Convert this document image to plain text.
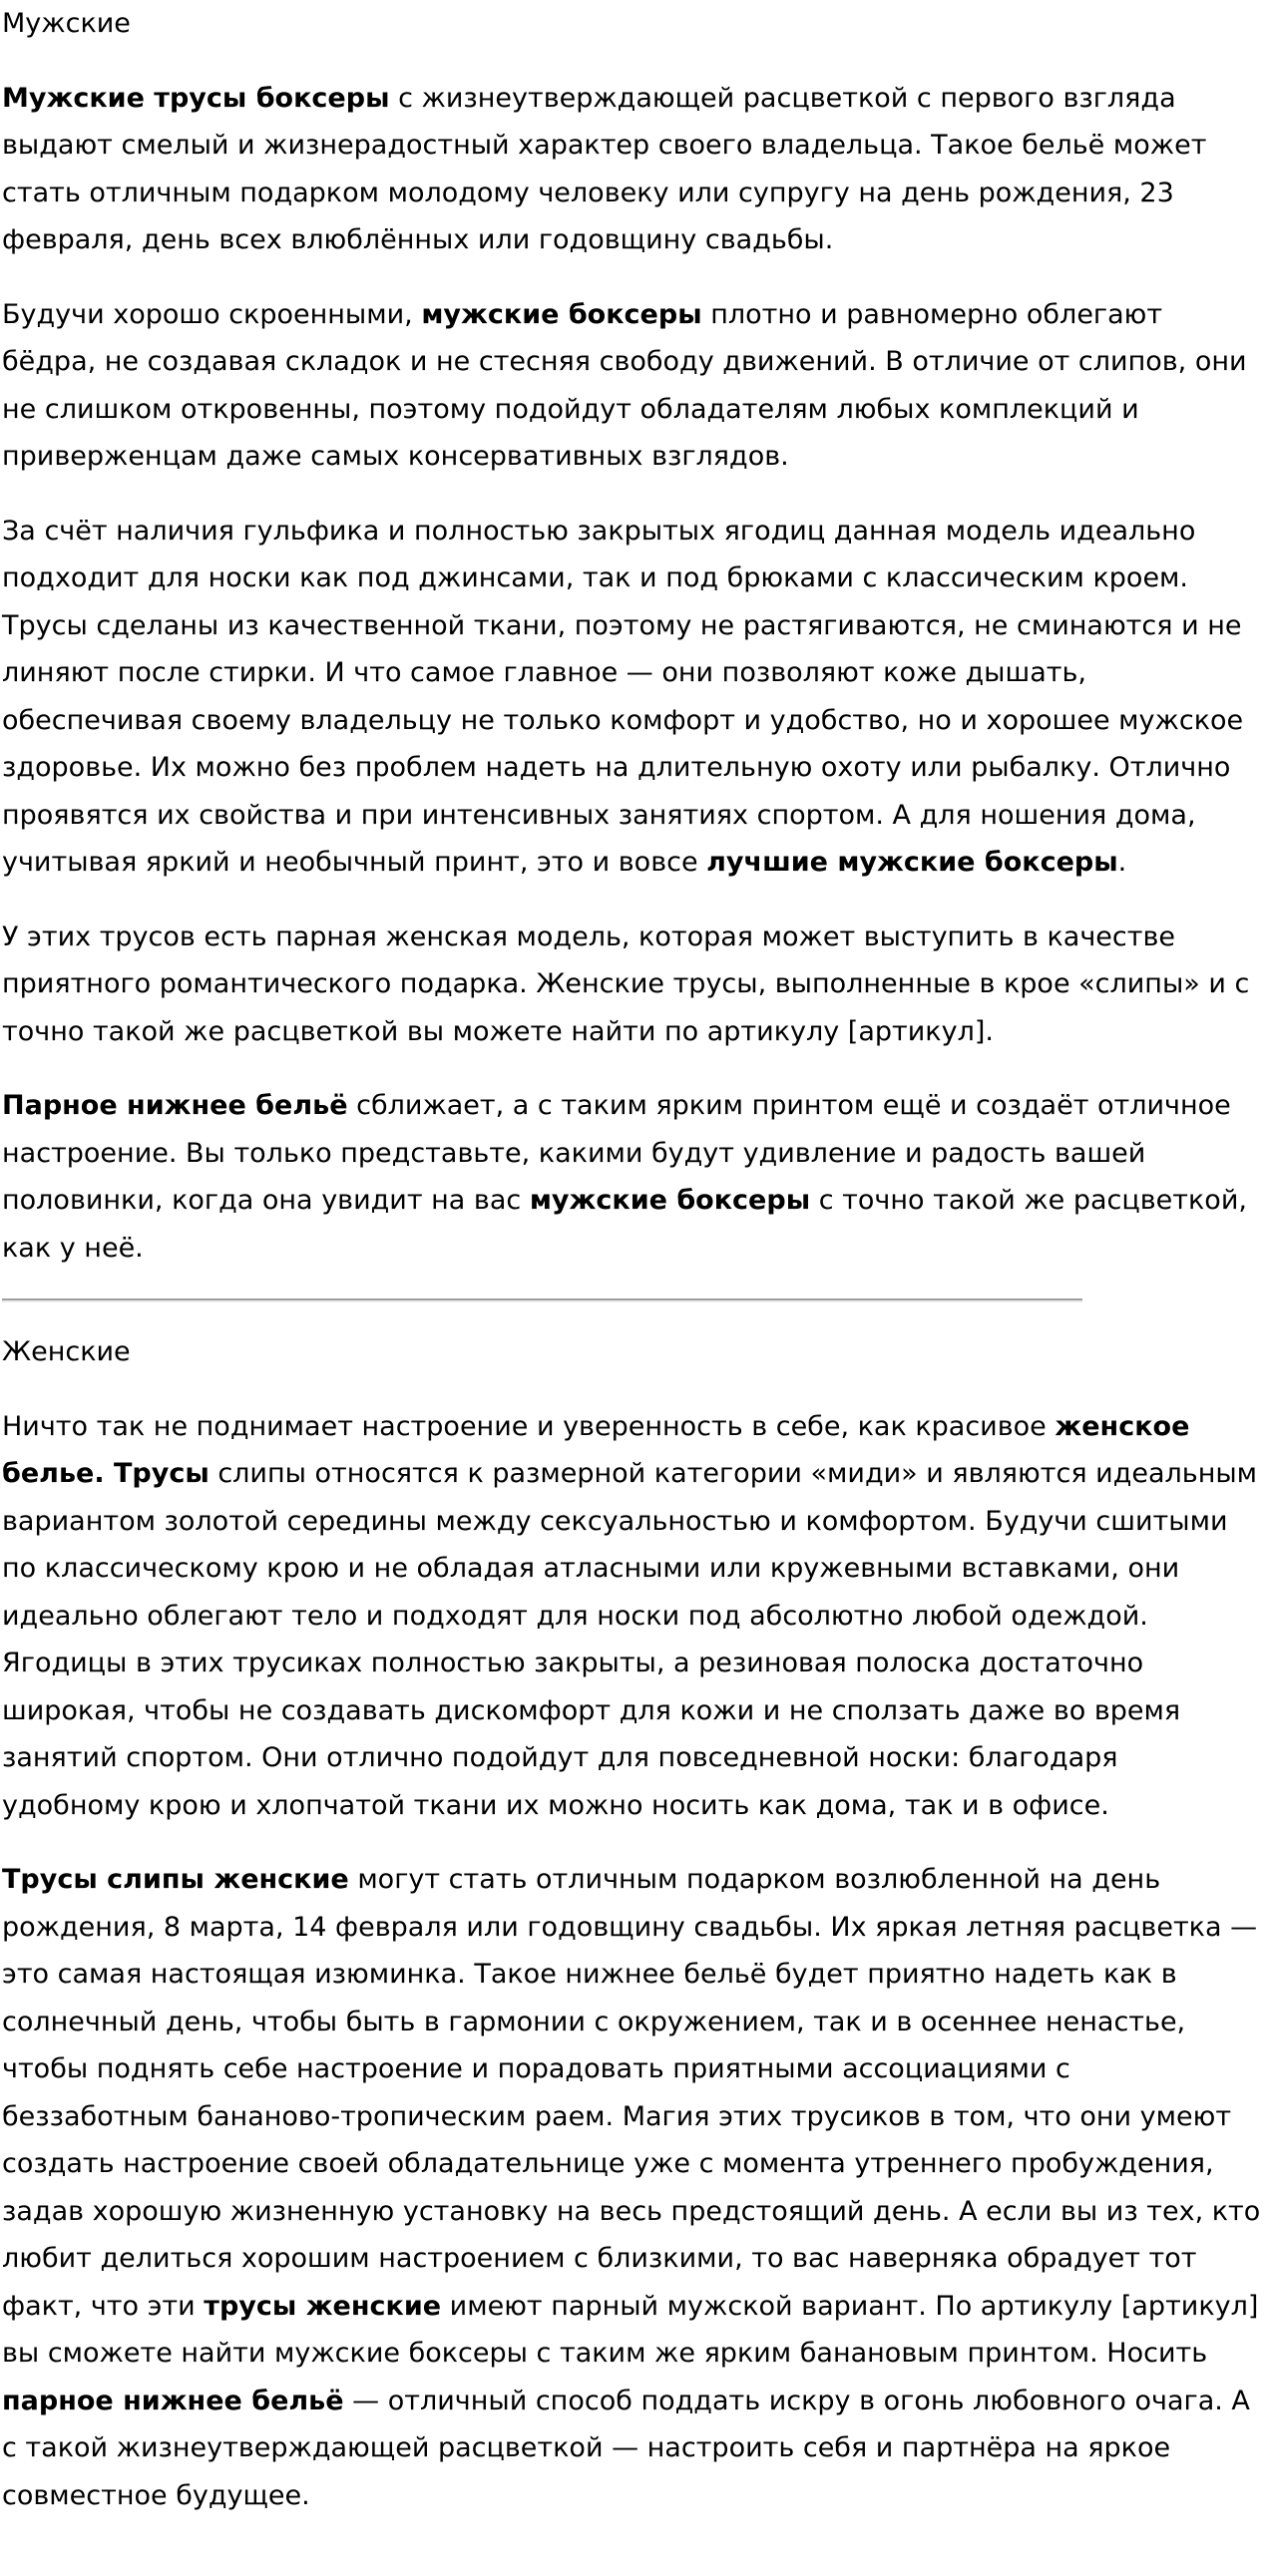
Мужские

Мужские трусы боксеры с жизнеутверждающей расцветкой с первого взгляда выдают смелый и жизнерадостный характер своего владельца. Такое бельё может стать отличным подарком молодому человеку или супругу на день рождения, 23 февраля, день всех влюблённых или годовщину свадьбы.

Будучи хорошо скроенными, мужские боксеры плотно и равномерно облегают бёдра, не создавая складок и не стесняя свободу движений. В отличие от слипов, они не слишком откровенны, поэтому подойдут обладателям любых комплекций и приверженцам даже самых консервативных взглядов.

За счёт наличия гульфика и полностью закрытых ягодиц данная модель идеально подходит для носки как под джинсами, так и под брюками с классическим кроем. Трусы сделаны из качественной ткани, поэтому не растягиваются, не сминаются и не линяют после стирки. И что самое главное — они позволяют коже дышать, обеспечивая своему владельцу не только комфорт и удобство, но и хорошее мужское здоровье. Их можно без проблем надеть на длительную охоту или рыбалку. Отлично проявятся их свойства и при интенсивных занятиях спортом. А для ношения дома, учитывая яркий и необычный принт, это и вовсе лучшие мужские боксеры.

У этих трусов есть парная женская модель, которая может выступить в качестве приятного романтического подарка. Женские трусы, выполненные в крое «слипы» и с точно такой же расцветкой вы можете найти по артикулу [артикул].

Парное нижнее бельё сближает, а с таким ярким принтом ещё и создаёт отличное настроение. Вы только представьте, какими будут удивление и радость вашей половинки, когда она увидит на вас мужские боксеры с точно такой же расцветкой, как у неё.

Женские

Ничто так не поднимает настроение и уверенность в себе, как красивое женское белье. Трусы слипы относятся к размерной категории «миди» и являются идеальным вариантом золотой середины между сексуальностью и комфортом. Будучи сшитыми по классическому крою и не обладая атласными или кружевными вставками, они идеально облегают тело и подходят для носки под абсолютно любой одеждой. Ягодицы в этих трусиках полностью закрыты, а резиновая полоска достаточно широкая, чтобы не создавать дискомфорт для кожи и не сползать даже во время занятий спортом. Они отлично подойдут для повседневной носки: благодаря удобному крою и хлопчатой ткани их можно носить как дома, так и в офисе.

Трусы слипы женские могут стать отличным подарком возлюбленной на день рождения, 8 марта, 14 февраля или годовщину свадьбы. Их яркая летняя расцветка — это самая настоящая изюминка. Такое нижнее бельё будет приятно надеть как в солнечный день, чтобы быть в гармонии с окружением, так и в осеннее ненастье, чтобы поднять себе настроение и порадовать приятными ассоциациями с беззаботным бананово-тропическим раем. Магия этих трусиков в том, что они умеют создать настроение своей обладательнице уже с момента утреннего пробуждения, задав хорошую жизненную установку на весь предстоящий день. А если вы из тех, кто любит делиться хорошим настроением с близкими, то вас наверняка обрадует тот факт, что эти трусы женские имеют парный мужской вариант. По артикулу [артикул] вы сможете найти мужские боксеры с таким же ярким банановым принтом. Носить парное нижнее бельё — отличный способ поддать искру в огонь любовного очага. А с такой жизнеутверждающей расцветкой — настроить себя и партнёра на яркое совместное будущее.
